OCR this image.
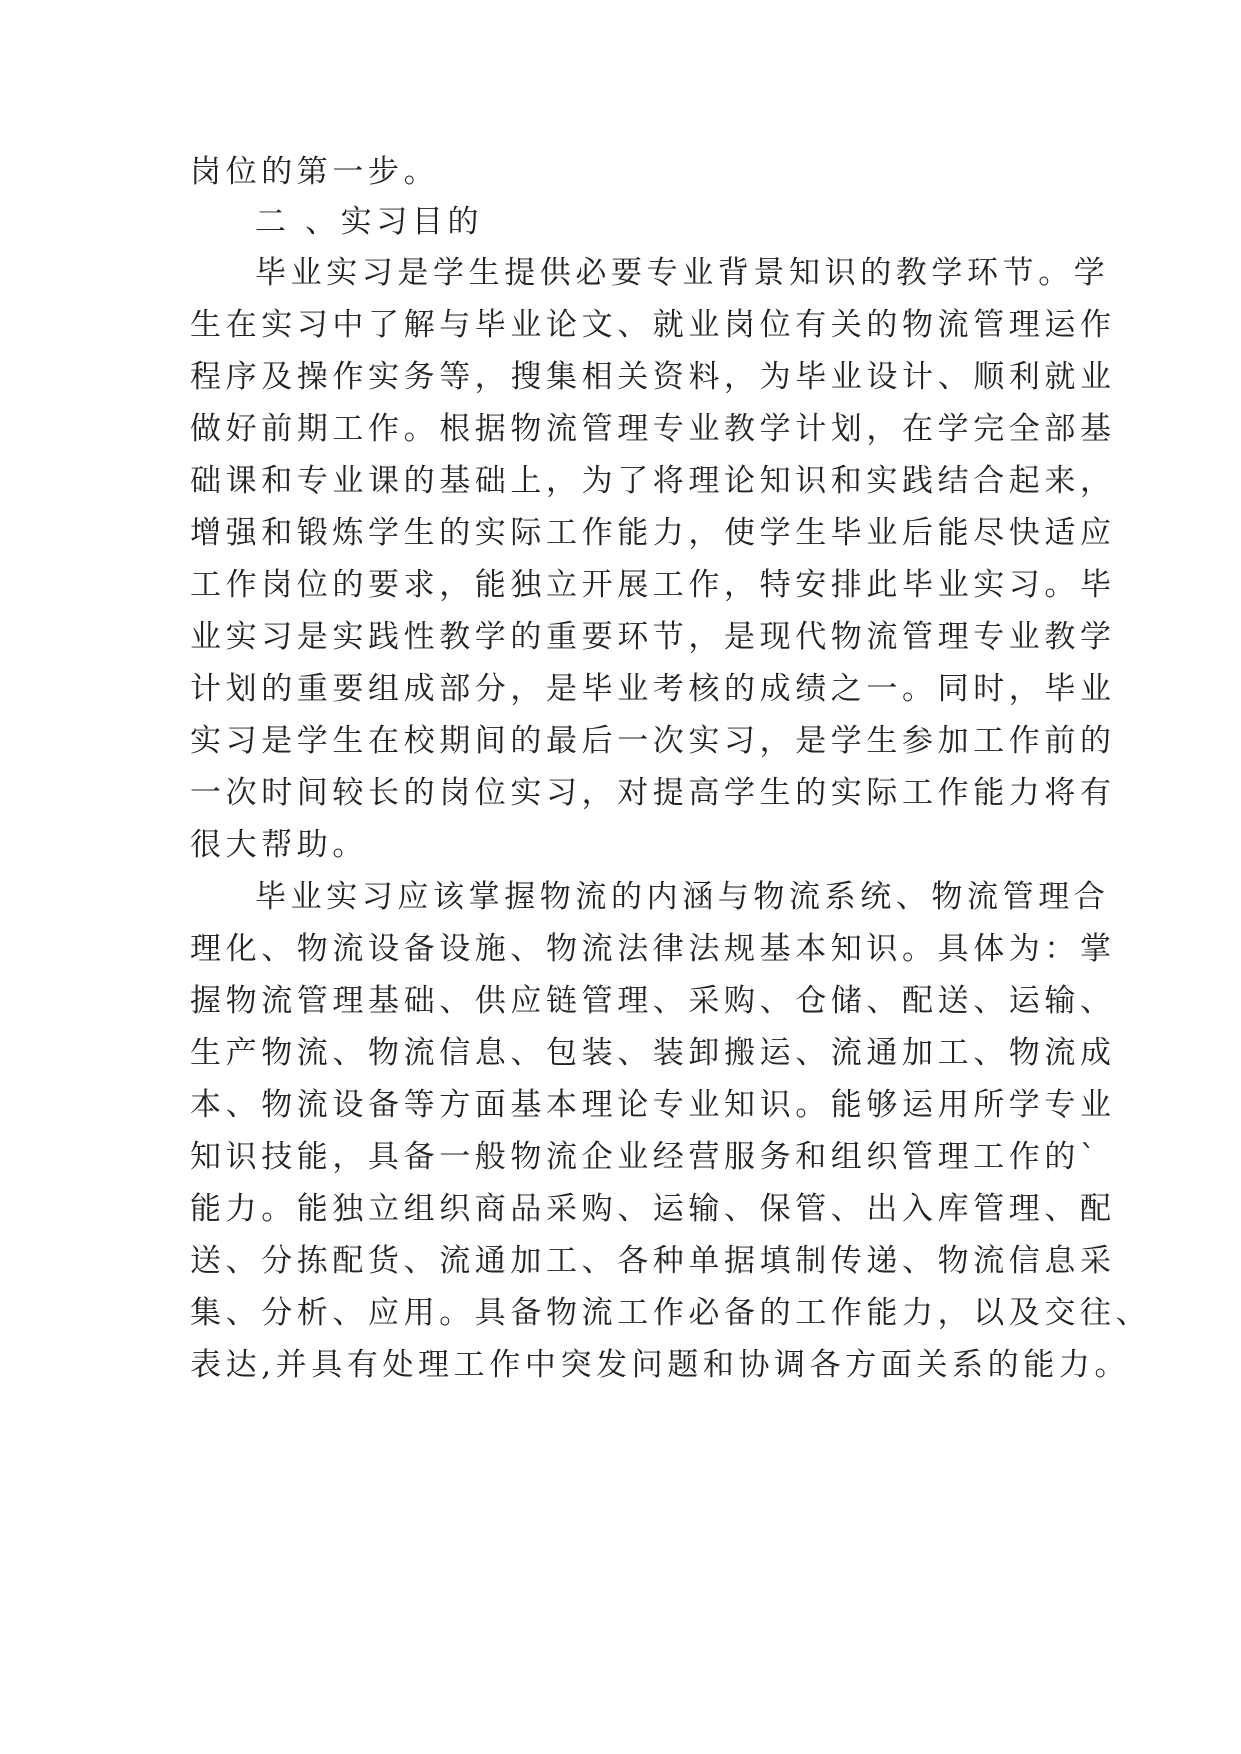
岗位的第一步。
二 、实习目的
毕业实习是学生提供必要专业背景知识的教学环节。学
生在实习中了解与毕业论文、就业岗位有关的物流管理运作
程序及操作实务等，搜集相关资料，为毕业设计、顺利就业
做好前期工作。根据物流管理专业教学计划，在学完全部基
础课和专业课的基础上，为了将理论知识和实践结合起来，
增强和锻炼学生的实际工作能力，使学生毕业后能尽快适应
工作岗位的要求，能独立开展工作，特安排此毕业实习。毕
业实习是实践性教学的重要环节，是现代物流管理专业教学
计划的重要组成部分，是毕业考核的成绩之一。同时，毕业
实习是学生在校期间的最后一次实习，是学生参加工作前的
一次时间较长的岗位实习，对提高学生的实际工作能力将有
很大帮助。
毕业实习应该掌握物流的内涵与物流系统、物流管理合
理化、物流设备设施、物流法律法规基本知识。具体为：掌
握物流管理基础、供应链管理、采购、仓储、配送、运输、
生产物流、物流信息、包装、装卸搬运、流通加工、物流成
本、物流设备等方面基本理论专业知识。能够运用所学专业
知识技能，具备一般物流企业经营服务和组织管理工作的`
能力。能独立组织商品采购、运输、保管、出入库管理、配
送、分拣配货、流通加工、各种单据填制传递、物流信息采
集、分析、应用。具备物流工作必备的工作能力，以及交往、
表达,并具有处理工作中突发问题和协调各方面关系的能力。
